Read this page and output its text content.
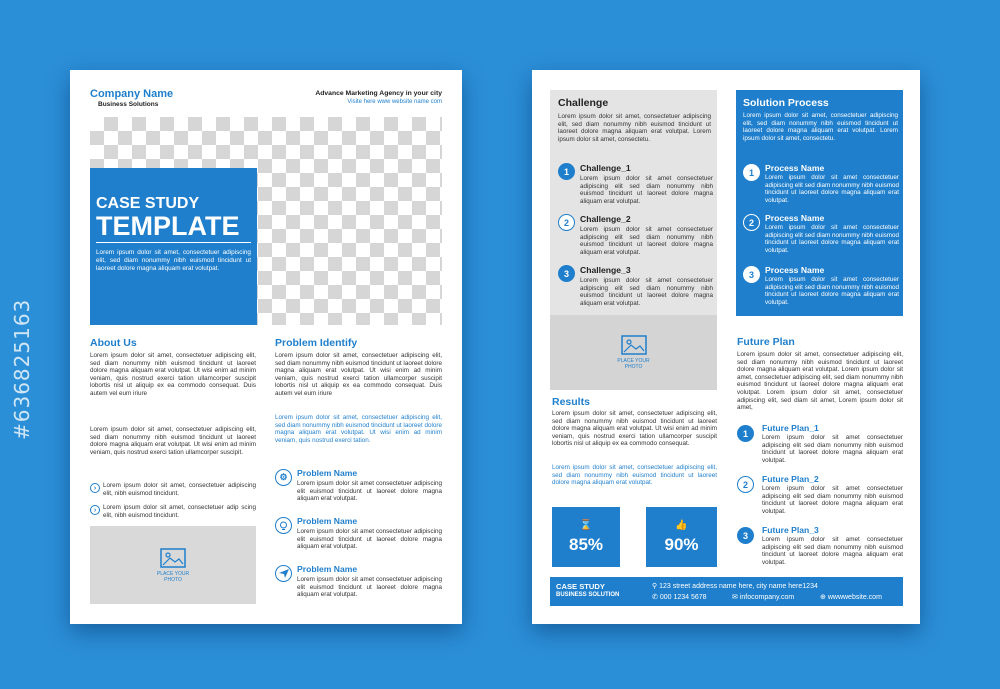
#636825163
Company Name
Business Solutions
Advance Marketing Agency in your city
Visite here www website name com
CASE STUDY
TEMPLATE
Lorem ipsum dolor sit amet, consectetuer adipiscing elit, sed diam nonummy nibh euismod tincidunt ut laoreet dolore magna aliquam erat volutpat.
About Us
Lorem ipsum dolor sit amet, consectetuer adipiscing elit, sed diam nonummy nibh euismod tincidunt ut laoreet dolore magna aliquam erat volutpat. Ut wisi enim ad minim veniam, quis nostrud exerci tation ullamcorper suscipit lobortis nisl ut aliquip ex ea commodo consequat. Duis autem vel eum iriure
Lorem ipsum dolor sit amet, consectetuer adipiscing elit, sed diam nonummy nibh euismod tincidunt ut laoreet dolore magna aliquam erat volutpat. Ut wisi enim ad minim veniam, quis nostrud exerci tation ullamcorper suscipit.
›	Lorem ipsum dolor sit amet, consectetuer adipiscing elit, nibh euismod tincidunt.
›	Lorem ipsum dolor sit amet, consectetuer adip scing elit, nibh euismod tincidunt.
PLACE YOUR PHOTO
Problem Identify
Lorem ipsum dolor sit amet, consectetuer adipiscing elit, sed diam nonummy nibh euismod tincidunt ut laoreet dolore magna aliquam erat volutpat. Ut wisi enim ad minim veniam, quis nostrud exerci tation ullamcorper suscipit lobortis nisl ut aliquip ex ea commodo consequat. Duis autem vel eum iriure
Lorem ipsum dolor sit amet, consectetuer adipiscing elit, sed diam nonummy nibh euismod tincidunt ut laoreet dolore magna aliquam erat volutpat. Ut wisi enim ad minim veniam, quis nostrud exerci tation.
⚙ Problem Name
Lorem ipsum dolor sit amet consectetuer adipiscing elit euismod tincidunt ut laoreet dolore magna aliquam erat volutpat.
Problem Name
Lorem ipsum dolor sit amet consectetuer adipiscing elit euismod tincidunt ut laoreet dolore magna aliquam erat volutpat.
Problem Name
Lorem ipsum dolor sit amet consectetuer adipiscing elit euismod tincidunt ut laoreet dolore magna aliquam erat volutpat.
Challenge
Lorem ipsum dolor sit amet, consectetuer adipiscing elit, sed diam nonummy nibh euismod tincidunt ut laoreet dolore magna aliquam erat volutpat. Lorem ipsum dolor sit amet, consectetu.
1	Challenge_1
Lorem ipsum dolor sit amet consectetuer adipiscing elit sed diam nonummy nibh euismod tincidunt ut laoreet dolore magna aliquam erat volutpat.
2	Challenge_2
Lorem ipsum dolor sit amet consectetuer adipiscing elit sed diam nonummy nibh euismod tincidunt ut laoreet dolore magna aliquam erat volutpat.
3	Challenge_3
Lorem ipsum dolor sit amet consectetuer adipiscing elit sed diam nonummy nibh euismod tincidunt ut laoreet dolore magna aliquam erat volutpat.
PLACE YOUR PHOTO
Results
Lorem ipsum dolor sit amet, consectetuer adipiscing elit, sed diam nonummy nibh euismod tincidunt ut laoreet dolore magna aliquam erat volutpat. Ut wisi enim ad minim veniam, quis nostrud exerci tation ullamcorper suscipit lobortis nisl ut aliquip ex ea commodo consequat.
Lorem ipsum dolor sit amet, consectetuer adipiscing elit, sed diam nonummy nibh euismod tincidunt ut laoreet dolore magna aliquam erat volutpat.
⌛
85%
👍
90%
Solution Process
Lorem ipsum dolor sit amet, consectetuer adipiscing elit, sed diam nonummy nibh euismod tincidunt ut laoreet dolore magna aliquam erat volutpat. Lorem ipsum dolor sit amet, consectetu.
1	Process Name
Lorem ipsum dolor sit amet consectetuer adipiscing elit sed diam nonummy nibh euismod tincidunt ut laoreet dolore magna aliquam erat volutpat.
2	Process Name
Lorem ipsum dolor sit amet consectetuer adipiscing elit sed diam nonummy nibh euismod tincidunt ut laoreet dolore magna aliquam erat volutpat.
3	Process Name
Lorem ipsum dolor sit amet consectetuer adipiscing elit sed diam nonummy nibh euismod tincidunt ut laoreet dolore magna aliquam erat volutpat.
Future Plan
Lorem ipsum dolor sit amet, consectetuer adipiscing elit, sed diam nonummy nibh euismod tincidunt ut laoreet dolore magna aliquam erat volutpat. Lorem ipsum dolor sit amet, consectetuer adipiscing elit, sed diam nonummy nibh euismod tincidunt ut laoreet dolore magna aliquam erat volutpat. Lorem ipsum dolor sit amet, consectetuer adipiscing elit, sed diam sit amet, Lorem ipsum dolor sit amet,
1
Future Plan_1
Lorem ipsum dolor sit amet consectetuer adipiscing elit sed diam nonummy nibh euismod tincidunt ut laoreet dolore magna aliquam erat volutpat.
2
Future Plan_2
Lorem ipsum dolor sit amet consectetuer adipiscing elit sed diam nonummy nibh euismod tincidunt ut laoreet dolore magna aliquam erat volutpat.
3
Future Plan_3
Lorem ipsum dolor sit amet consectetuer adipiscing elit sed diam nonummy nibh euismod tincidunt ut laoreet dolore magna aliquam erat volutpat.
CASE STUDY
BUSINESS SOLUTION
⚲ 123 street address name here, city name here1234
✆ 000 1234 5678	✉ infocompany.com	⊕ wwwwebsite.com
